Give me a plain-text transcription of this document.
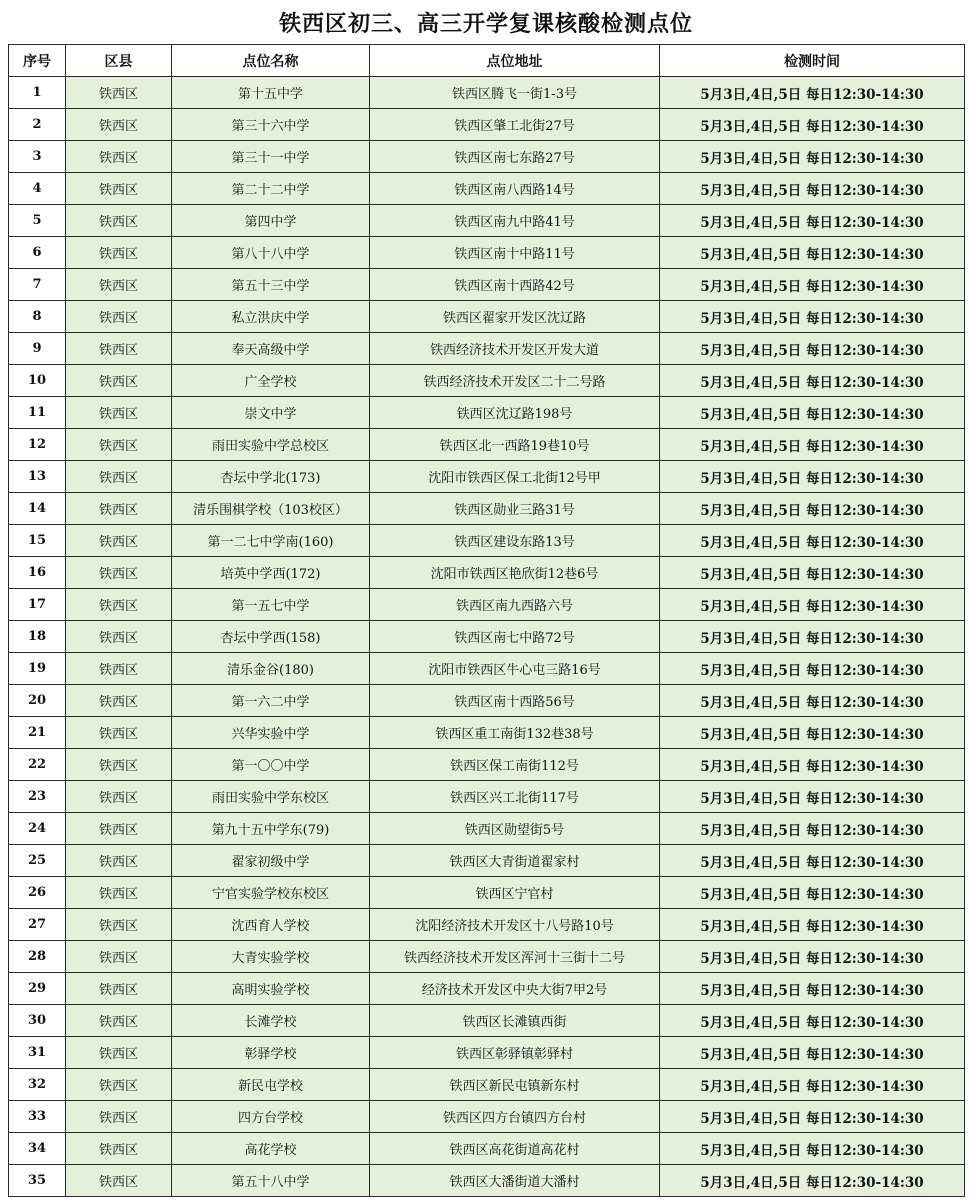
铁西区初三、高三开学复课核酸检测点位
序号	区县	点位名称	点位地址	检测时间
1	铁西区	第十五中学	铁西区腾飞一街1-3号	5月3日,4日,5日 每日12:30-14:30
2	铁西区	第三十六中学	铁西区肇工北街27号	5月3日,4日,5日 每日12:30-14:30
3	铁西区	第三十一中学	铁西区南七东路27号	5月3日,4日,5日 每日12:30-14:30
4	铁西区	第二十二中学	铁西区南八西路14号	5月3日,4日,5日 每日12:30-14:30
5	铁西区	第四中学	铁西区南九中路41号	5月3日,4日,5日 每日12:30-14:30
6	铁西区	第八十八中学	铁西区南十中路11号	5月3日,4日,5日 每日12:30-14:30
7	铁西区	第五十三中学	铁西区南十西路42号	5月3日,4日,5日 每日12:30-14:30
8	铁西区	私立洪庆中学	铁西区翟家开发区沈辽路	5月3日,4日,5日 每日12:30-14:30
9	铁西区	奉天高级中学	铁西经济技术开发区开发大道	5月3日,4日,5日 每日12:30-14:30
10	铁西区	广全学校	铁西经济技术开发区二十二号路	5月3日,4日,5日 每日12:30-14:30
11	铁西区	崇文中学	铁西区沈辽路198号	5月3日,4日,5日 每日12:30-14:30
12	铁西区	雨田实验中学总校区	铁西区北一西路19巷10号	5月3日,4日,5日 每日12:30-14:30
13	铁西区	杏坛中学北(173)	沈阳市铁西区保工北街12号甲	5月3日,4日,5日 每日12:30-14:30
14	铁西区	清乐围棋学校（103校区）	铁西区勋业三路31号	5月3日,4日,5日 每日12:30-14:30
15	铁西区	第一二七中学南(160)	铁西区建设东路13号	5月3日,4日,5日 每日12:30-14:30
16	铁西区	培英中学西(172)	沈阳市铁西区艳欣街12巷6号	5月3日,4日,5日 每日12:30-14:30
17	铁西区	第一五七中学	铁西区南九西路六号	5月3日,4日,5日 每日12:30-14:30
18	铁西区	杏坛中学西(158)	铁西区南七中路72号	5月3日,4日,5日 每日12:30-14:30
19	铁西区	清乐金谷(180)	沈阳市铁西区牛心屯三路16号	5月3日,4日,5日 每日12:30-14:30
20	铁西区	第一六二中学	铁西区南十西路56号	5月3日,4日,5日 每日12:30-14:30
21	铁西区	兴华实验中学	铁西区重工南街132巷38号	5月3日,4日,5日 每日12:30-14:30
22	铁西区	第一〇〇中学	铁西区保工南街112号	5月3日,4日,5日 每日12:30-14:30
23	铁西区	雨田实验中学东校区	铁西区兴工北街117号	5月3日,4日,5日 每日12:30-14:30
24	铁西区	第九十五中学东(79)	铁西区勋望街5号	5月3日,4日,5日 每日12:30-14:30
25	铁西区	翟家初级中学	铁西区大青街道翟家村	5月3日,4日,5日 每日12:30-14:30
26	铁西区	宁官实验学校东校区	铁西区宁官村	5月3日,4日,5日 每日12:30-14:30
27	铁西区	沈西育人学校	沈阳经济技术开发区十八号路10号	5月3日,4日,5日 每日12:30-14:30
28	铁西区	大青实验学校	铁西经济技术开发区浑河十三街十二号	5月3日,4日,5日 每日12:30-14:30
29	铁西区	高明实验学校	经济技术开发区中央大街7甲2号	5月3日,4日,5日 每日12:30-14:30
30	铁西区	长滩学校	铁西区长滩镇西街	5月3日,4日,5日 每日12:30-14:30
31	铁西区	彰驿学校	铁西区彰驿镇彰驿村	5月3日,4日,5日 每日12:30-14:30
32	铁西区	新民屯学校	铁西区新民屯镇新东村	5月3日,4日,5日 每日12:30-14:30
33	铁西区	四方台学校	铁西区四方台镇四方台村	5月3日,4日,5日 每日12:30-14:30
34	铁西区	高花学校	铁西区高花街道高花村	5月3日,4日,5日 每日12:30-14:30
35	铁西区	第五十八中学	铁西区大潘街道大潘村	5月3日,4日,5日 每日12:30-14:30
